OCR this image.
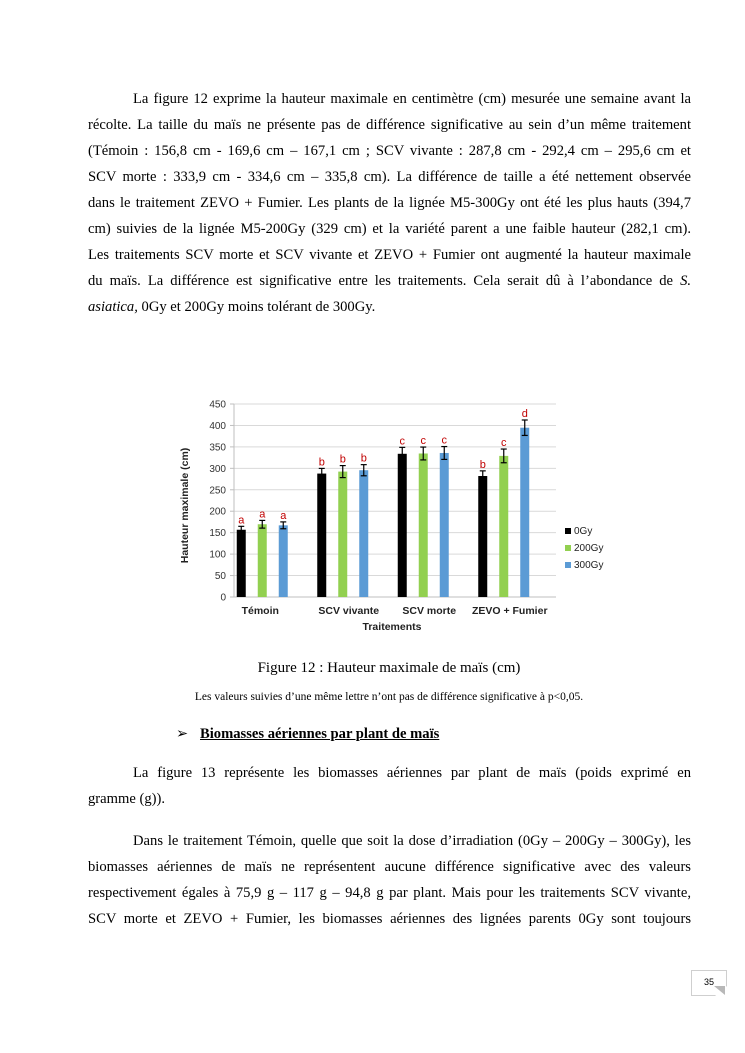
La figure 12 exprime la hauteur maximale en centimètre (cm) mesurée une semaine avant la
récolte. La taille du maïs ne présente pas de différence significative au sein d’un même traitement
(Témoin : 156,8 cm - 169,6 cm – 167,1 cm ; SCV vivante : 287,8 cm - 292,4 cm – 295,6 cm et
SCV morte : 333,9 cm - 334,6 cm – 335,8 cm). La différence de taille a été nettement observée
dans le traitement ZEVO + Fumier. Les plants de la lignée M5-300Gy ont été les plus hauts (394,7
cm) suivies de la lignée M5-200Gy (329 cm) et la variété parent a une faible hauteur (282,1 cm).
Les traitements SCV morte et SCV vivante et ZEVO + Fumier ont augmenté la hauteur maximale
du maïs. La différence est significative entre les traitements. Cela serait dû à l’abondance de S.
asiatica, 0Gy et 200Gy moins tolérant de 300Gy.
0
50
100
150
200
250
300
350
400
450
a a a
Témoin
b b b
SCV vivante
c c c
SCV morte
b
c
d
ZEVO + Fumier
Traitements
Hauteur maximale (cm)	0Gy
200Gy
300Gy
Figure 12 : Hauteur maximale de maïs (cm)
Les valeurs suivies d’une même lettre n’ont pas de différence significative à p<0,05.
➢ Biomasses aériennes par plant de maïs
La figure 13 représente les biomasses aériennes par plant de maïs (poids exprimé en
gramme (g)).
Dans le traitement Témoin, quelle que soit la dose d’irradiation (0Gy – 200Gy – 300Gy), les
biomasses aériennes de maïs ne représentent aucune différence significative avec des valeurs
respectivement égales à 75,9 g – 117 g – 94,8 g par plant. Mais pour les traitements SCV vivante,
SCV morte et ZEVO + Fumier, les biomasses aériennes des lignées parents 0Gy sont toujours
35
